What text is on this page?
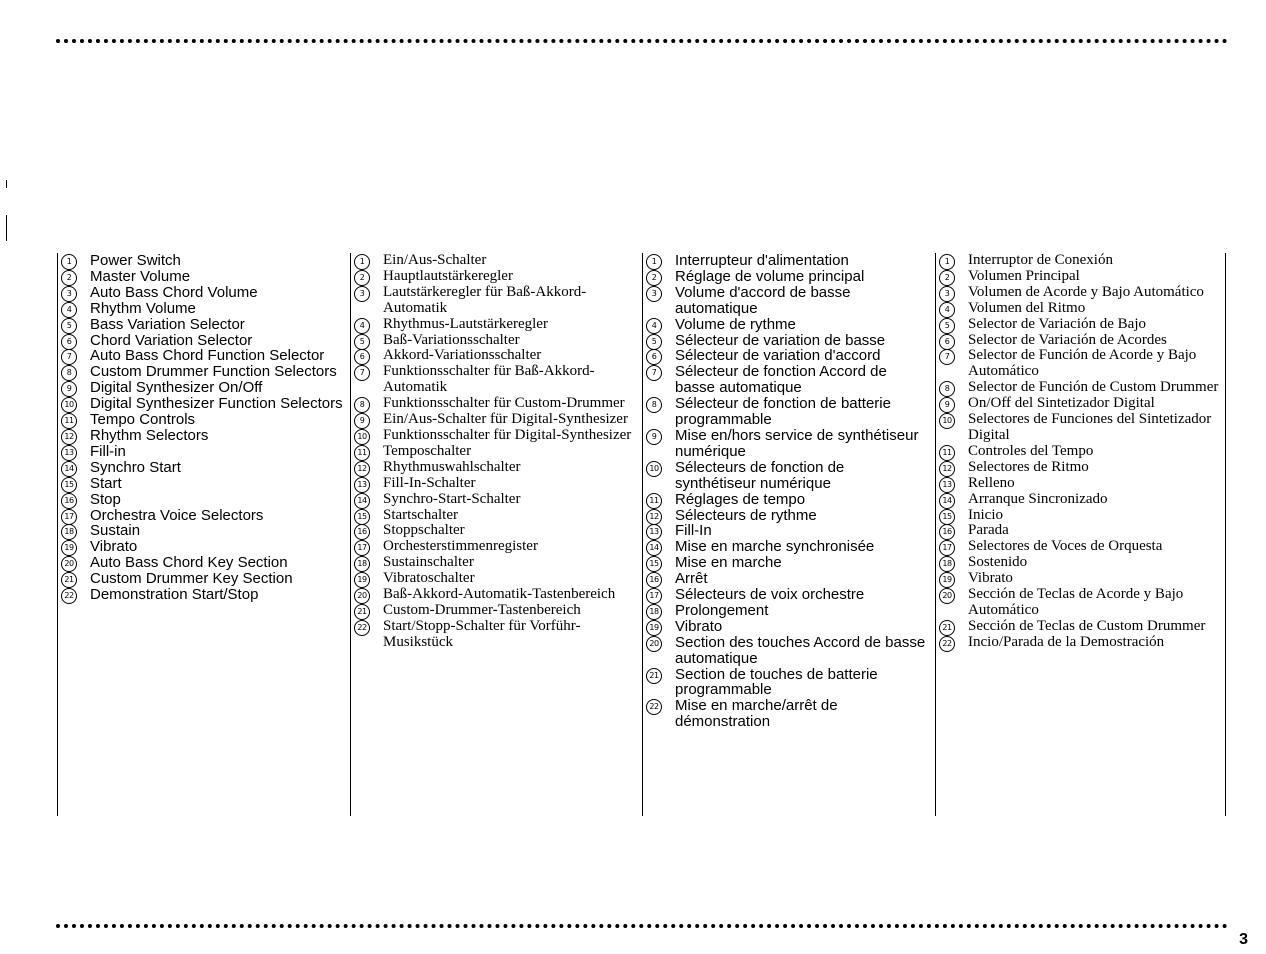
1	Power Switch
2	Master Volume
3	Auto Bass Chord Volume
4	Rhythm Volume
5	Bass Variation Selector
6	Chord Variation Selector
7	Auto Bass Chord Function Selector
8	Custom Drummer Function Selectors
9	Digital Synthesizer On/Off
10 Digital Synthesizer Function Selectors
11 Tempo Controls
12 Rhythm Selectors
13 Fill-in
14 Synchro Start
15 Start
16 Stop
17 Orchestra Voice Selectors
18 Sustain
19 Vibrato
20 Auto Bass Chord Key Section
21 Custom Drummer Key Section
22 Demonstration Start/Stop
1	Ein/Aus-Schalter
2	Hauptlautstärkeregler
3	Lautstärkeregler für Baß-Akkord-Automatik
4	Rhythmus-Lautstärkeregler
5	Baß-Variationsschalter
6	Akkord-Variationsschalter
7	Funktionsschalter für Baß-Akkord-Automatik
8	Funktionsschalter für Custom-Drummer
9	Ein/Aus-Schalter für Digital-Synthesizer
10 Funktionsschalter für Digital-Synthesizer
11 Temposchalter
12 Rhythmuswahlschalter
13 Fill-In-Schalter
14 Synchro-Start-Schalter
15 Startschalter
16 Stoppschalter
17 Orchesterstimmenregister
18 Sustainschalter
19 Vibratoschalter
20 Baß-Akkord-Automatik-Tastenbereich
21 Custom-Drummer-Tastenbereich
22 Start/Stopp-Schalter für Vorführ-Musikstück
1	Interrupteur d'alimentation
2	Réglage de volume principal
3	Volume d'accord de basse automatique
4	Volume de rythme
5	Sélecteur de variation de basse
6	Sélecteur de variation d'accord
7	Sélecteur de fonction Accord de basse automatique
8	Sélecteur de fonction de batterie programmable
9	Mise en/hors service de synthétiseur numérique
10 Sélecteurs de fonction de synthétiseur numérique
11 Réglages de tempo
12 Sélecteurs de rythme
13 Fill-In
14 Mise en marche synchronisée
15 Mise en marche
16 Arrêt
17 Sélecteurs de voix orchestre
18 Prolongement
19 Vibrato
20 Section des touches Accord de basse automatique
21 Section de touches de batterie programmable
22 Mise en marche/arrêt de démonstration
1	Interruptor de Conexión
2	Volumen Principal
3	Volumen de Acorde y Bajo Automático
4	Volumen del Ritmo
5	Selector de Variación de Bajo
6	Selector de Variación de Acordes
7	Selector de Función de Acorde y Bajo Automático
8	Selector de Función de Custom Drummer
9	On/Off del Sintetizador Digital
10 Selectores de Funciones del Sintetizador Digital
11 Controles del Tempo
12 Selectores de Ritmo
13 Relleno
14 Arranque Sincronizado
15 Inicio
16 Parada
17 Selectores de Voces de Orquesta
18 Sostenido
19 Vibrato
20 Sección de Teclas de Acorde y Bajo Automático
21 Sección de Teclas de Custom Drummer
22 Incio/Parada de la Demostración
3
